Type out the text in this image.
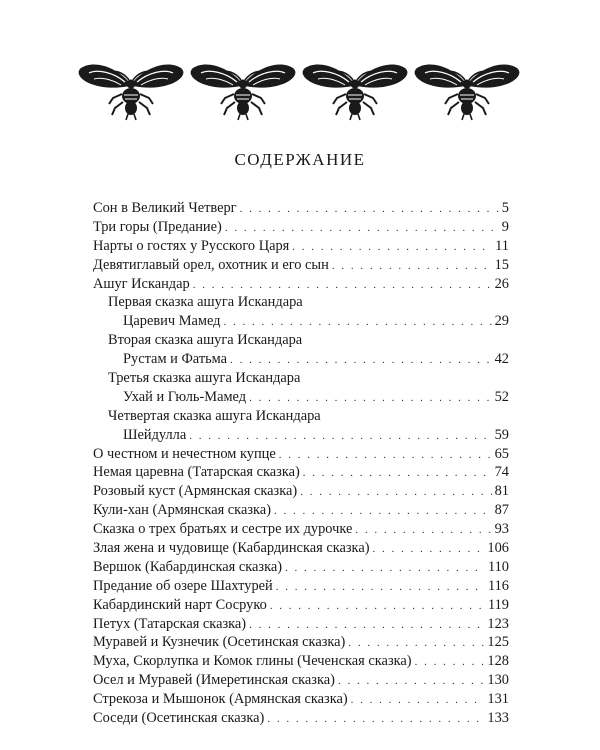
СОДЕРЖАНИЕ
Сон в Великий Четверг . . .	5
Три горы (Предание) . . .	9
Нарты о гостях у Русского Царя . . .	11
Девятиглавый орел, охотник и его сын . . .	15
Ашуг Искандар . . .	26
Первая сказка ашуга Искандара
Царевич Мамед . . .	29
Вторая сказка ашуга Искандара
Рустам и Фатьма . . .	42
Третья сказка ашуга Искандара
Ухай и Гюль-Мамед . . .	52
Четвертая сказка ашуга Искандара
Шейдулла . . .	59
О честном и нечестном купце . . .	65
Немая царевна (Татарская сказка) . . .	74
Розовый куст (Армянская сказка) . . .	81
Кули-хан (Армянская сказка) . . .	87
Сказка о трех братьях и сестре их дурочке . . .	93
Злая жена и чудовище (Кабардинская сказка) . . .	106
Вершок (Кабардинская сказка) . . .	110
Предание об озере Шахтурей . . .	116
Кабардинский нарт Сосруко . . .	119
Петух (Татарская сказка) . . .	123
Муравей и Кузнечик (Осетинская сказка) . . .	125
Муха, Скорлупка и Комок глины (Чеченская сказка) . . .	128
Осел и Муравей (Имеретинская сказка) . . .	130
Стрекоза и Мышонок (Армянская сказка) . . .	131
Соседи (Осетинская сказка) . . .	133
